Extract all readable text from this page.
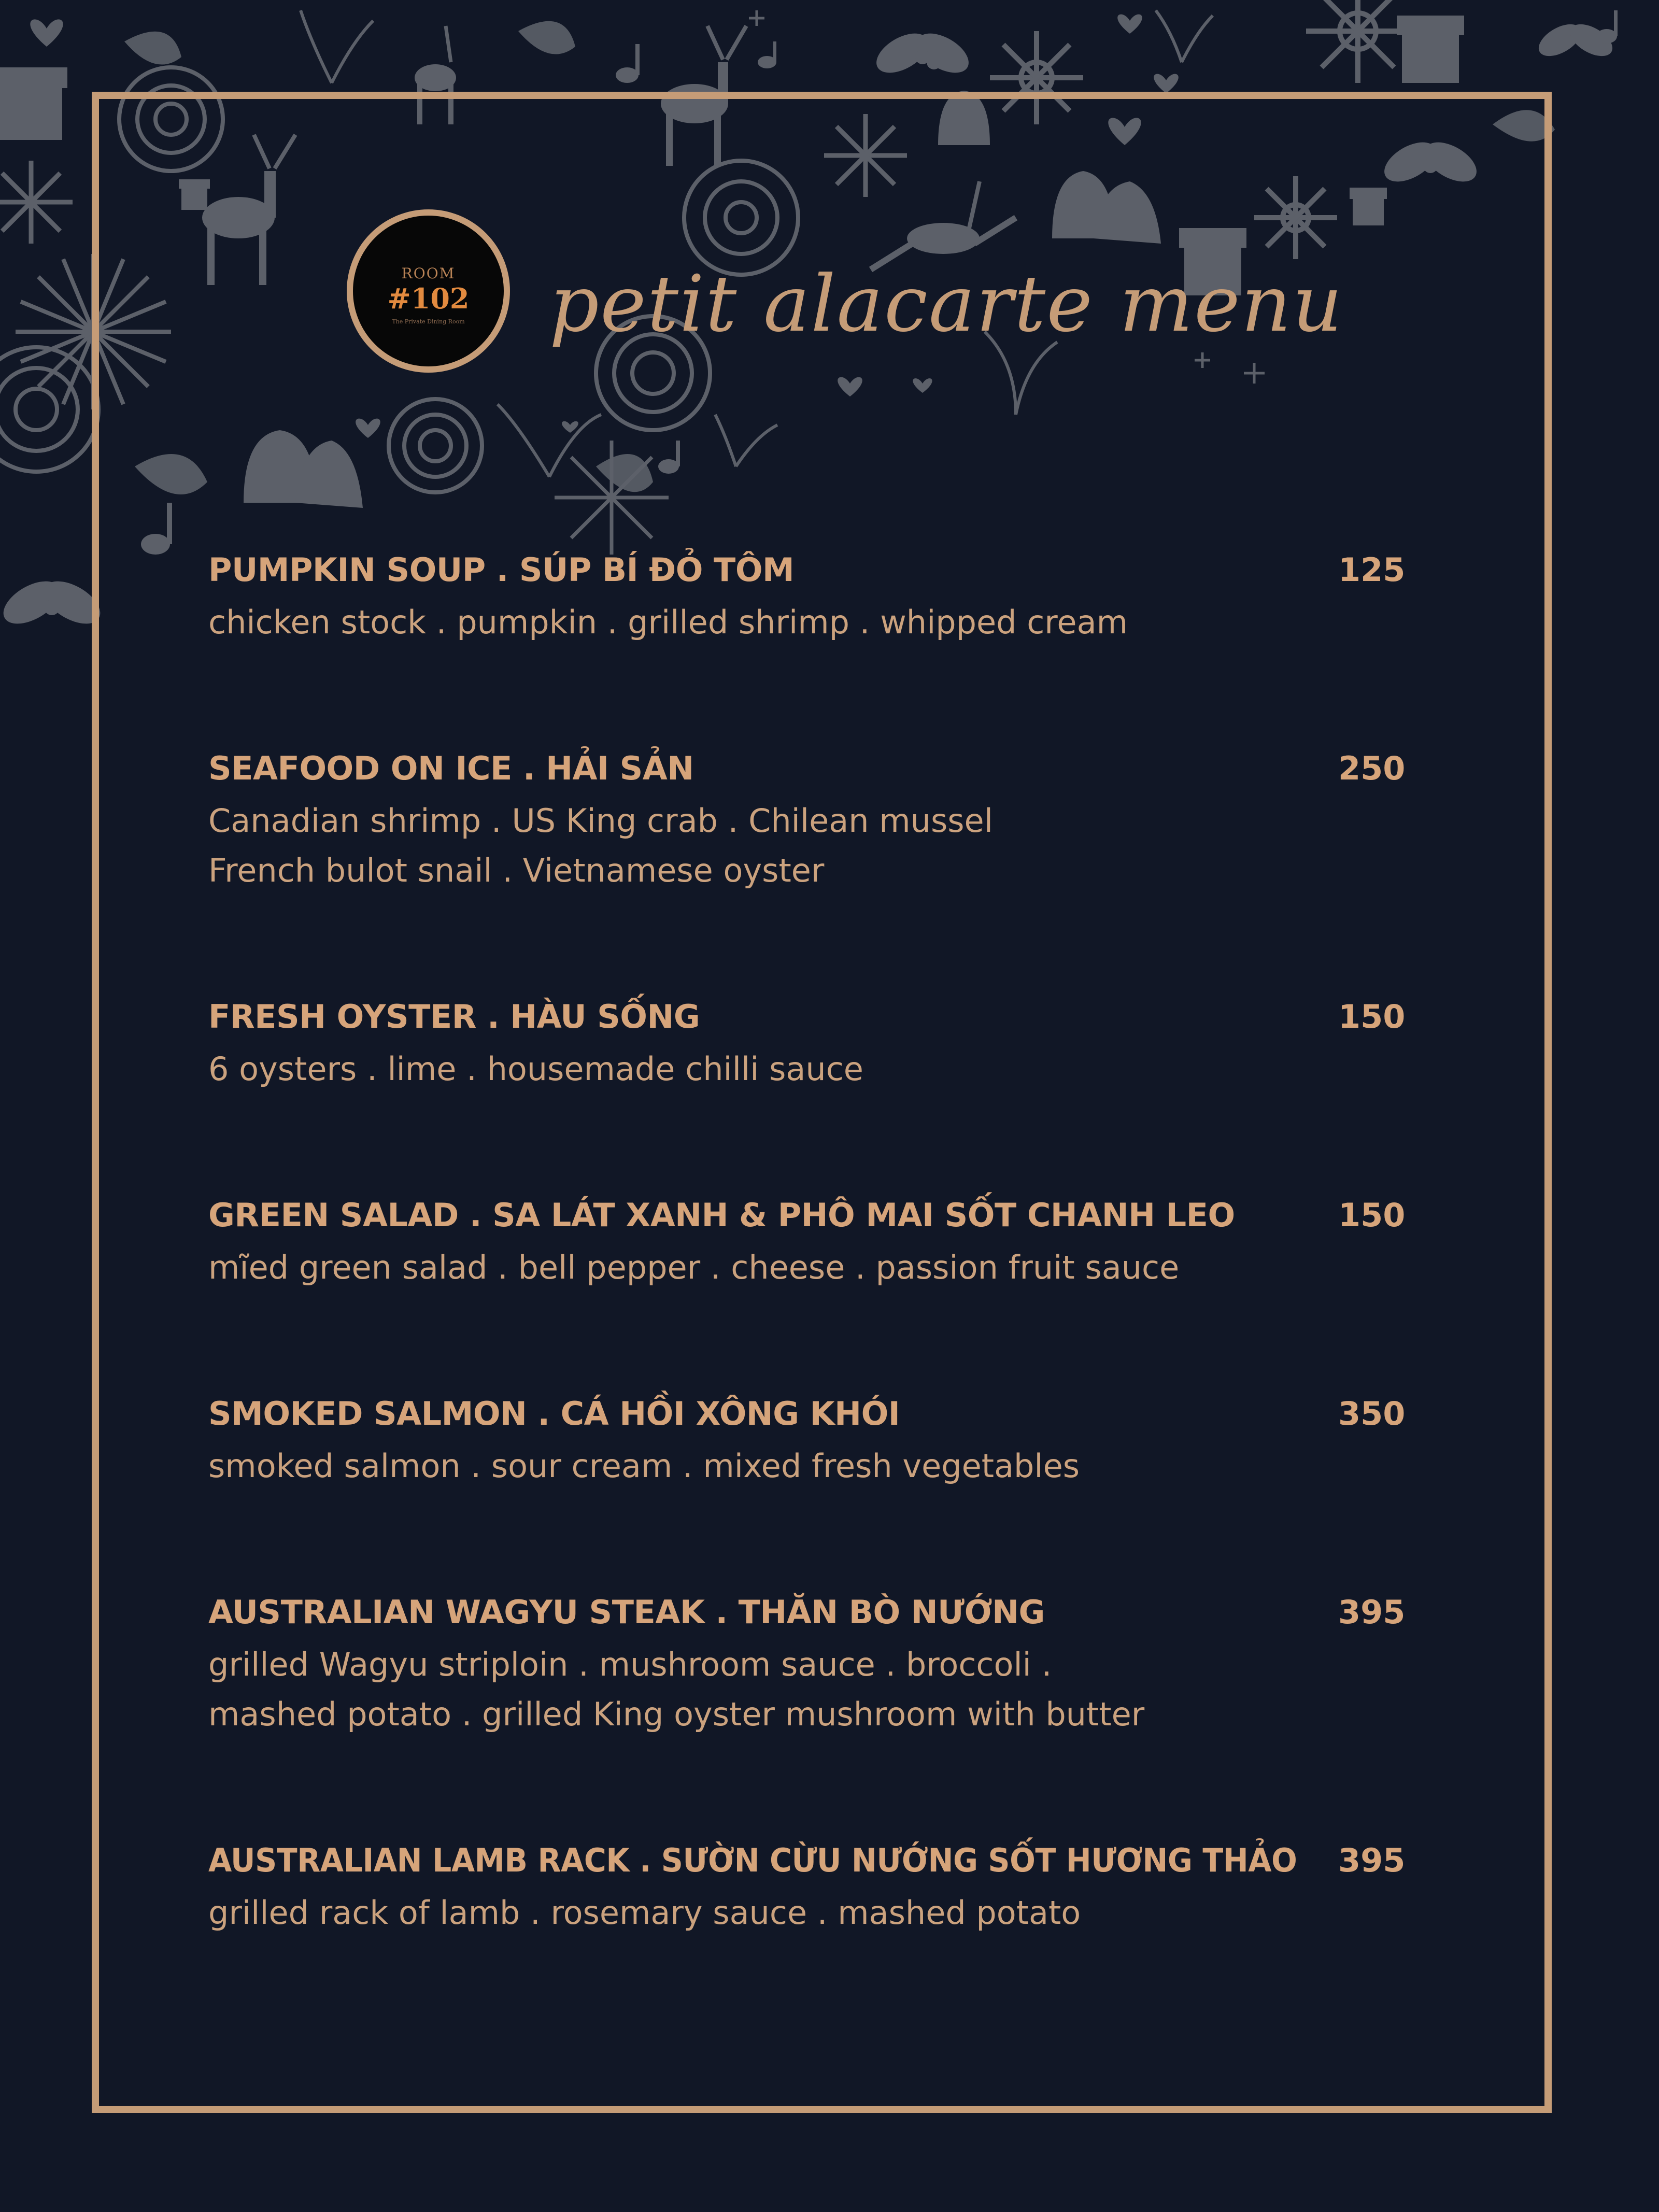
ROOM
#102
The Private Dining Room	petit alacarte menu
PUMPKIN SOUP . SÚP BÍ ĐỎ TÔM	125
chicken stock . pumpkin . grilled shrimp . whipped cream
SEAFOOD ON ICE . HẢI SẢN	250
Canadian shrimp . US King crab . Chilean mussel
French bulot snail . Vietnamese oyster
FRESH OYSTER . HÀU SỐNG	150
6 oysters . lime . housemade chilli sauce
GREEN SALAD . SA LÁT XANH & PHÔ MAI SỐT CHANH LEO	150
mĩed green salad . bell pepper . cheese . passion fruit sauce
SMOKED SALMON . CÁ HỒI XÔNG KHÓI	350
smoked salmon . sour cream . mixed fresh vegetables
AUSTRALIAN WAGYU STEAK . THĂN BÒ NƯỚNG	395
grilled Wagyu striploin . mushroom sauce . broccoli .
mashed potato . grilled King oyster mushroom with butter
AUSTRALIAN LAMB RACK . SƯỜN CỪU NƯỚNG SỐT HƯƠNG THẢO 395
grilled rack of lamb . rosemary sauce . mashed potato
